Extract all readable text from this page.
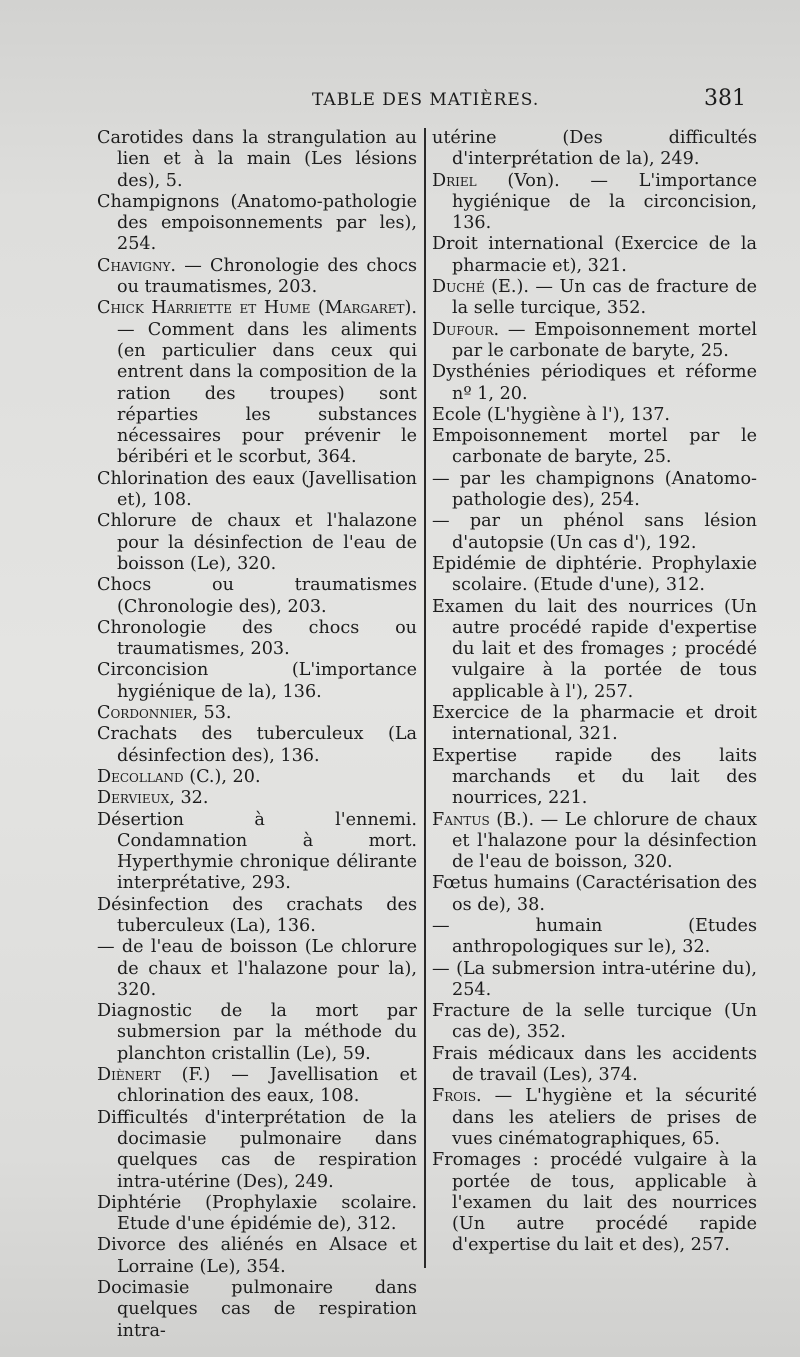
TABLE DES MATIÈRES.	381

Carotides dans la strangulation au lien et à la main (Les lésions des), 5.

Champignons (Anatomo-pathologie des empoisonnements par les), 254.

Chavigny. — Chronologie des chocs ou traumatismes, 203.

Chick Harriette et Hume (Margaret). — Comment dans les aliments (en particulier dans ceux qui entrent dans la composition de la ration des troupes) sont réparties les substances nécessaires pour prévenir le béribéri et le scorbut, 364.

Chlorination des eaux (Javellisation et), 108.

Chlorure de chaux et l'halazone pour la désinfection de l'eau de boisson (Le), 320.

Chocs ou traumatismes (Chronologie des), 203.

Chronologie des chocs ou traumatismes, 203.

Circoncision (L'importance hygiénique de la), 136.

Cordonnier, 53.

Crachats des tuberculeux (La désinfection des), 136.

Decolland (C.), 20.

Dervieux, 32.

Désertion à l'ennemi. Condamnation à mort. Hyperthymie chronique délirante interprétative, 293.

Désinfection des crachats des tuberculeux (La), 136.

— de l'eau de boisson (Le chlorure de chaux et l'halazone pour la), 320.

Diagnostic de la mort par submersion par la méthode du planchton cristallin (Le), 59.

Diènert (F.) — Javellisation et chlorination des eaux, 108.

Difficultés d'interprétation de la docimasie pulmonaire dans quelques cas de respiration intra-utérine (Des), 249.

Diphtérie (Prophylaxie scolaire. Etude d'une épidémie de), 312.

Divorce des aliénés en Alsace et Lorraine (Le), 354.

Docimasie pulmonaire dans quelques cas de respiration intra-

utérine (Des difficultés d'interprétation de la), 249.

Driel (Von). — L'importance hygiénique de la circoncision, 136.

Droit international (Exercice de la pharmacie et), 321.

Duché (E.). — Un cas de fracture de la selle turcique, 352.

Dufour. — Empoisonnement mortel par le carbonate de baryte, 25.

Dysthénies périodiques et réforme nº 1, 20.

Ecole (L'hygiène à l'), 137.

Empoisonnement mortel par le carbonate de baryte, 25.

— par les champignons (Anatomo-pathologie des), 254.

— par un phénol sans lésion d'autopsie (Un cas d'), 192.

Epidémie de diphtérie. Prophylaxie scolaire. (Etude d'une), 312.

Examen du lait des nourrices (Un autre procédé rapide d'expertise du lait et des fromages ; procédé vulgaire à la portée de tous applicable à l'), 257.

Exercice de la pharmacie et droit international, 321.

Expertise rapide des laits marchands et du lait des nourrices, 221.

Fantus (B.). — Le chlorure de chaux et l'halazone pour la désinfection de l'eau de boisson, 320.

Fœtus humains (Caractérisation des os de), 38.

— humain (Etudes anthropologiques sur le), 32.

— (La submersion intra-utérine du), 254.

Fracture de la selle turcique (Un cas de), 352.

Frais médicaux dans les accidents de travail (Les), 374.

Frois. — L'hygiène et la sécurité dans les ateliers de prises de vues cinématographiques, 65.

Fromages : procédé vulgaire à la portée de tous, applicable à l'examen du lait des nourrices (Un autre procédé rapide d'expertise du lait et des), 257.
